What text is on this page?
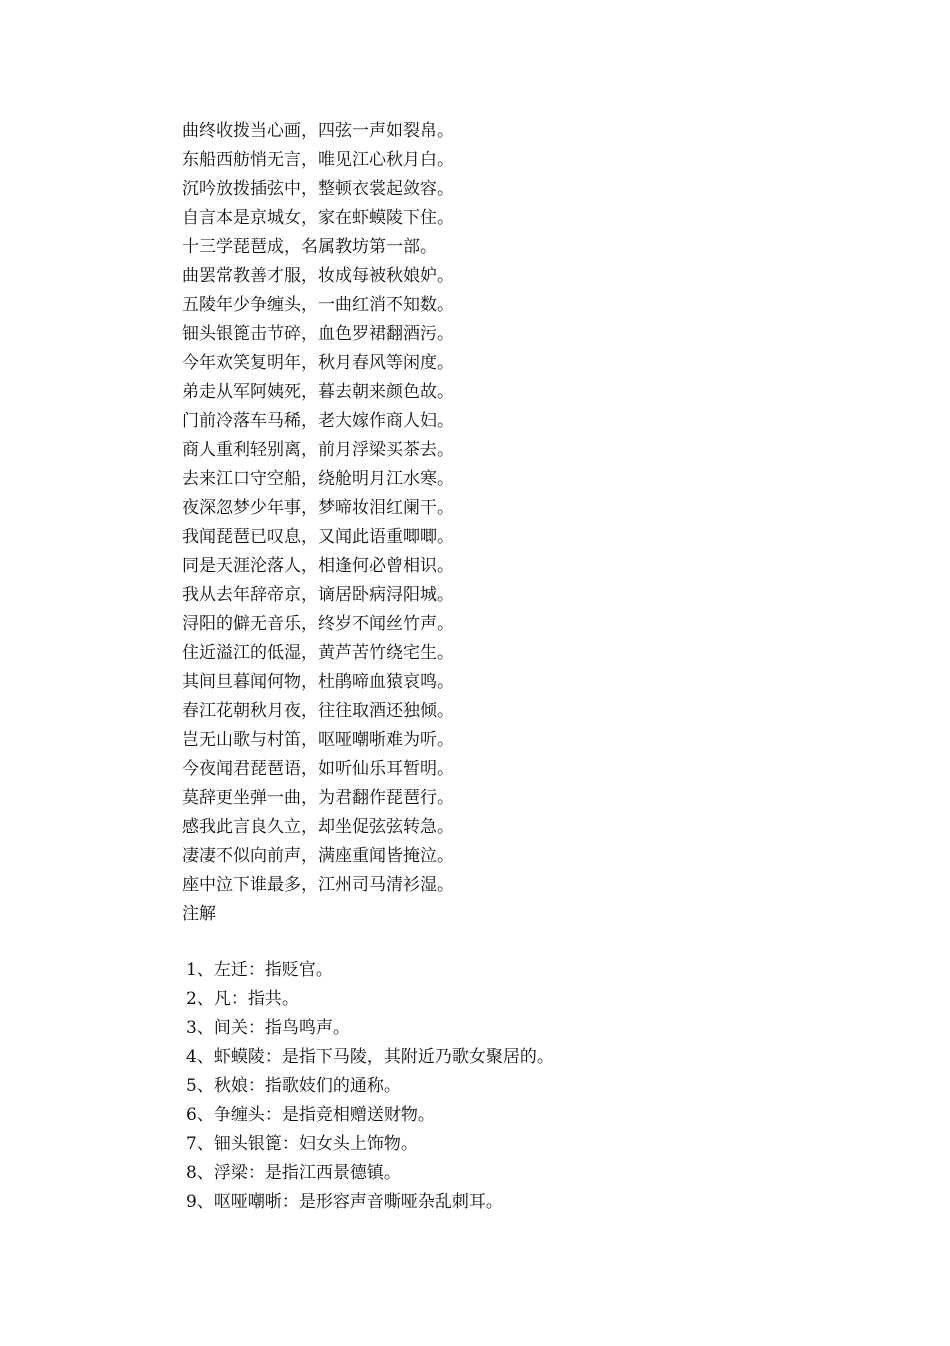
曲终收拨当心画，四弦一声如裂帛。
东船西舫悄无言，唯见江心秋月白。
沉吟放拨插弦中，整顿衣裳起敛容。
自言本是京城女，家在虾蟆陵下住。
十三学琵琶成，名属教坊第一部。
曲罢常教善才服，妆成每被秋娘妒。
五陵年少争缠头，一曲红消不知数。
钿头银篦击节碎，血色罗裙翻酒污。
今年欢笑复明年，秋月春风等闲度。
弟走从军阿姨死，暮去朝来颜色故。
门前冷落车马稀，老大嫁作商人妇。
商人重利轻别离，前月浮梁买茶去。
去来江口守空船，绕舱明月江水寒。
夜深忽梦少年事，梦啼妆泪红阑干。
我闻琵琶已叹息，又闻此语重唧唧。
同是天涯沦落人，相逢何必曾相识。
我从去年辞帝京，谪居卧病浔阳城。
浔阳的僻无音乐，终岁不闻丝竹声。
住近溢江的低湿，黄芦苦竹绕宅生。
其间旦暮闻何物，杜鹃啼血猿哀鸣。
春江花朝秋月夜，往往取酒还独倾。
岂无山歌与村笛，呕哑嘲哳难为听。
今夜闻君琵琶语，如听仙乐耳暂明。
莫辞更坐弹一曲，为君翻作琵琶行。
感我此言良久立，却坐促弦弦转急。
凄凄不似向前声，满座重闻皆掩泣。
座中泣下谁最多，江州司马清衫湿。
注解
1、左迁：指贬官。
2、凡：指共。
3、间关：指鸟鸣声。
4、虾蟆陵：是指下马陵，其附近乃歌女聚居的。
5、秋娘：指歌妓们的通称。
6、争缠头：是指竞相赠送财物。
7、钿头银篦：妇女头上饰物。
8、浮梁：是指江西景德镇。
9、呕哑嘲哳：是形容声音嘶哑杂乱刺耳。
